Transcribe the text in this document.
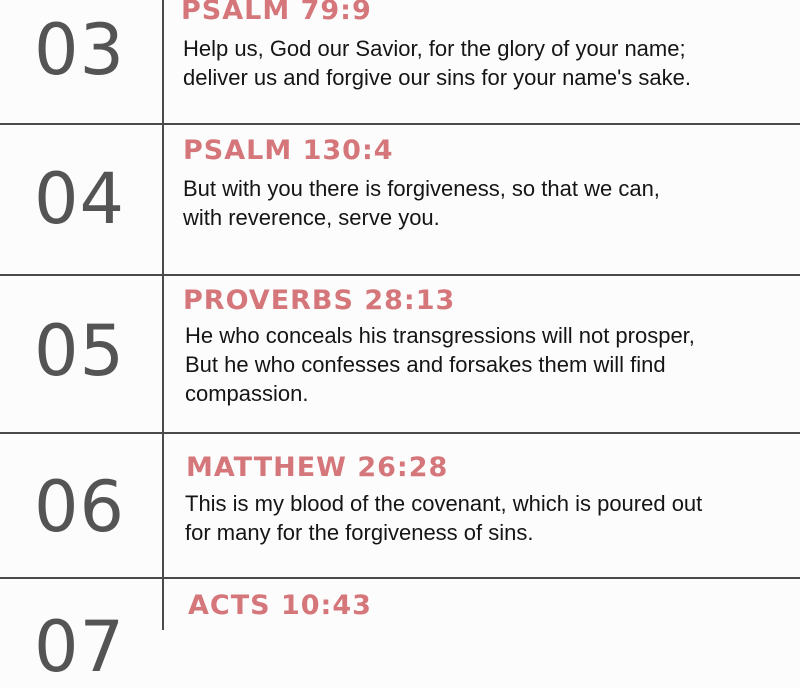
03	PSALM 79:9
Help us, God our Savior, for the glory of your name;
deliver us and forgive our sins for your name's sake.
04
PSALM 130:4
But with you there is forgiveness, so that we can,
with reverence, serve you.
05
PROVERBS 28:13
He who conceals his transgressions will not prosper,
But he who confesses and forsakes them will find
compassion.
06	MATTHEW 26:28
This is my blood of the covenant, which is poured out
for many for the forgiveness of sins.
07
ACTS 10:43
